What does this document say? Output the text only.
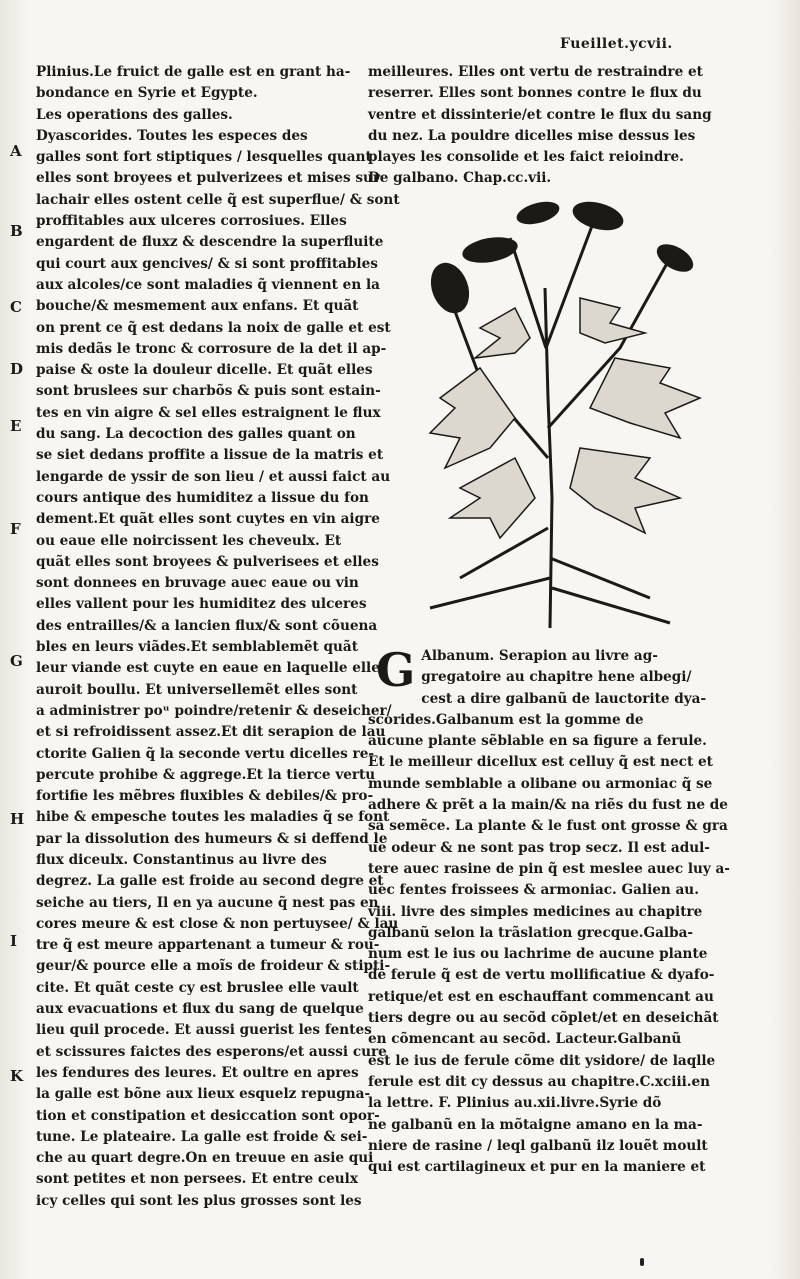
Fueillet.ycvii.
A
B
C
D
E
F
G
H
I
K
Plinius.Le fruict de galle est en grant ha-
bondance en Syrie et Egypte.
Les operations des galles.
Dyascorides. Toutes les especes des
galles sont fort stiptiques / lesquelles quant
elles sont broyees et pulverizees et mises sur
lachair elles ostent celle q̃ est superflue/ & sont
proffitables aux ulceres corrosiues. Elles
engardent de fluxz & descendre la superfluite
qui court aux gencives/ & si sont proffitables
aux alcoles/ce sont maladies q̃ viennent en la
bouche/& mesmement aux enfans. Et quãt
on prent ce q̃ est dedans la noix de galle et est
mis dedãs le tronc & corrosure de la det il ap-
paise & oste la douleur dicelle. Et quãt elles
sont bruslees sur charbõs & puis sont estain-
tes en vin aigre & sel elles estraignent le flux
du sang. La decoction des galles quant on
se siet dedans proffite a lissue de la matris et
lengarde de yssir de son lieu / et aussi faict au
cours antique des humiditez a lissue du fon
dement.Et quãt elles sont cuytes en vin aigre
ou eaue elle noircissent les cheveulx. Et
quãt elles sont broyees & pulverisees et elles
sont donnees en bruvage auec eaue ou vin
elles vallent pour les humiditez des ulceres
des entrailles/& a lancien flux/& sont cõuena
bles en leurs viãdes.Et semblablemẽt quãt
leur viande est cuyte en eaue en laquelle elle
auroit boullu. Et universellemẽt elles sont
a administrer poᵘ poindre/retenir & deseicher/
et si refroidissent assez.Et dit serapion de lau
ctorite Galien q̃ la seconde vertu dicelles re-
percute prohibe & aggrege.Et la tierce vertu
fortifie les mẽbres fluxibles & debiles/& pro-
hibe & empesche toutes les maladies q̃ se font
par la dissolution des humeurs & si deffend le
flux diceulx. Constantinus au livre des
degrez. La galle est froide au second degre et
seiche au tiers, Il en ya aucune q̃ nest pas en
cores meure & est close & non pertuysee/ & lau
tre q̃ est meure appartenant a tumeur & rou-
geur/& pource elle a moĩs de froideur & stipti-
cite. Et quãt ceste cy est bruslee elle vault
aux evacuations et flux du sang de quelque
lieu quil procede. Et aussi guerist les fentes
et scissures faictes des esperons/et aussi cure
les fendures des leures. Et oultre en apres
la galle est bõne aux lieux esquelz repugna-
tion et constipation et desiccation sont opor-
tune. Le plateaire. La galle est froide & sei-
che au quart degre.On en treuue en asie qui
sont petites et non persees. Et entre ceulx
icy celles qui sont les plus grosses sont les
meilleures. Elles ont vertu de restraindre et
reserrer. Elles sont bonnes contre le flux du
ventre et dissinterie/et contre le flux du sang
du nez. La pouldre dicelles mise dessus les
playes les consolide et les faict reioindre.
De galbano. Chap.cc.vii.
G Albanum. Serapion au livre ag-
gregatoire au chapitre hene albegi/
cest a dire galbanũ de lauctorite dya-
scorides.Galbanum est la gomme de
aucune plante sẽblable en sa figure a ferule.
Et le meilleur dicellux est celluy q̃ est nect et
munde semblable a olibane ou armoniac q̃ se
adhere & prẽt a la main/& na riẽs du fust ne de
sa semẽce. La plante & le fust ont grosse & gra
ue odeur & ne sont pas trop secz. Il est adul-
tere auec rasine de pin q̃ est meslee auec luy a-
uec fentes froissees & armoniac. Galien au.
viii. livre des simples medicines au chapitre
galbanũ selon la trãslation grecque.Galba-
num est le ius ou lachrime de aucune plante
de ferule q̃ est de vertu mollificatiue & dyafo-
retique/et est en eschauffant commencant au
tiers degre ou au secõd cõplet/et en deseichãt
en cõmencant au secõd. Lacteur.Galbanũ
est le ius de ferule cõme dit ysidore/ de laqlle
ferule est dit cy dessus au chapitre.C.xciii.en
la lettre. F. Plinius au.xii.livre.Syrie dõ
ne galbanũ en la mõtaigne amano en la ma-
niere de rasine / leql galbanũ ilz louẽt moult
qui est cartilagineux et pur en la maniere et
